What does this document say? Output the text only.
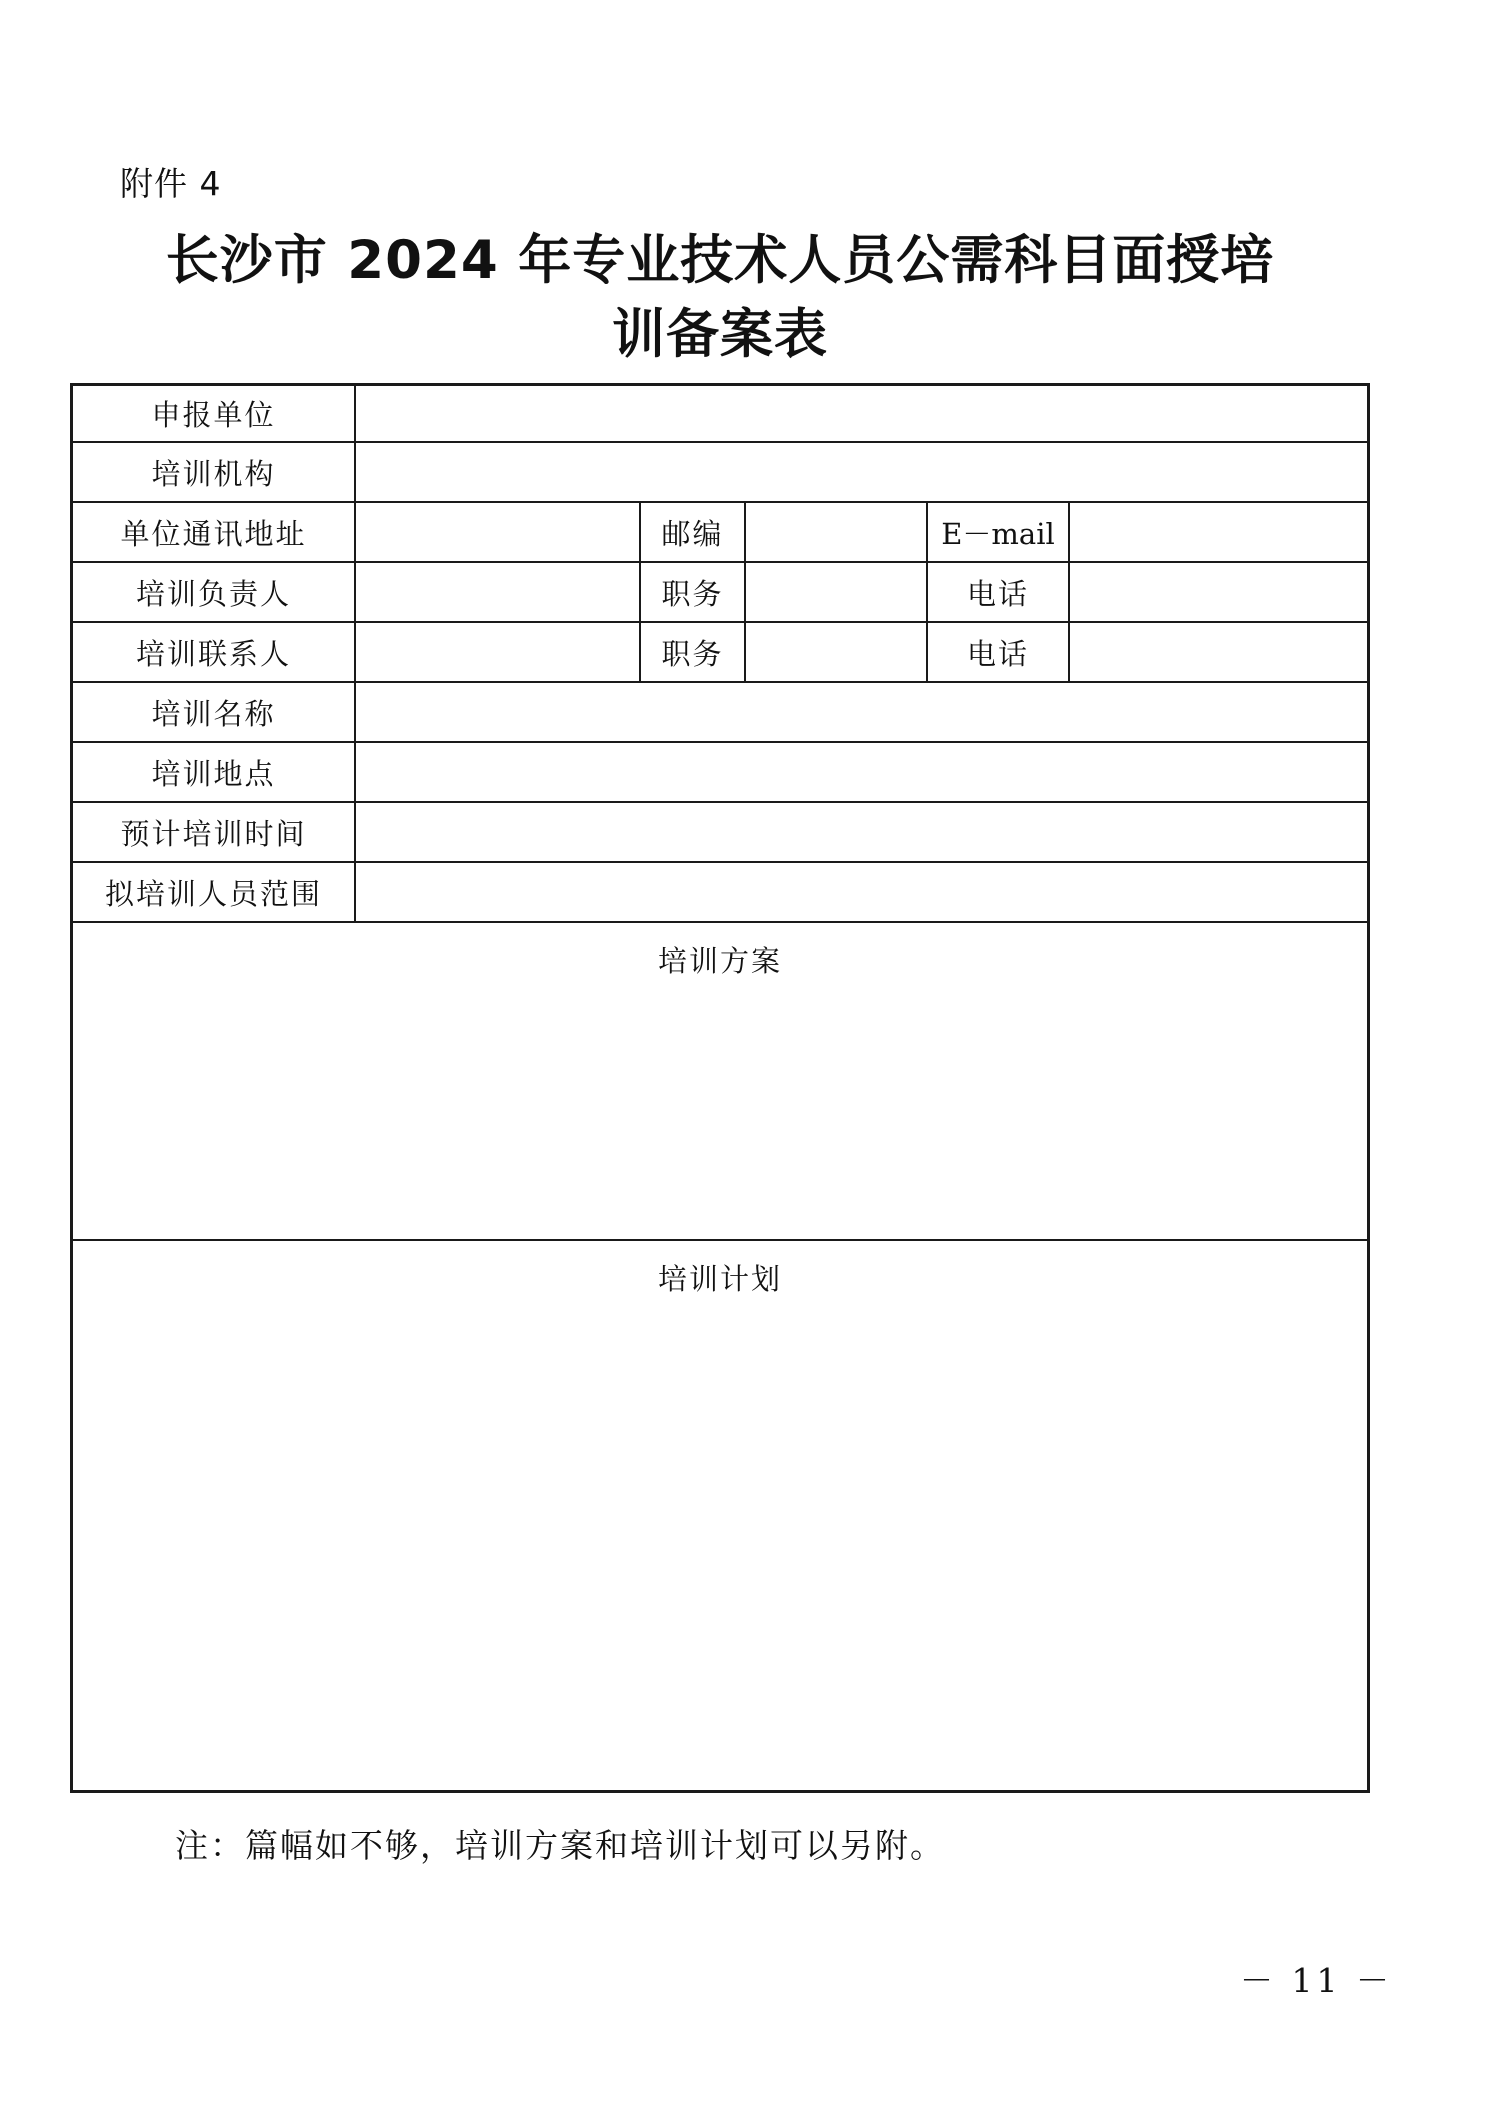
附件 4
长沙市 2024 年专业技术人员公需科目面授培
训备案表
申报单位
培训机构
单位通讯地址	邮编	E－mail
培训负责人	职务	电话
培训联系人	职务	电话
培训名称
培训地点
预计培训时间
拟培训人员范围
培训方案
培训计划
注：篇幅如不够，培训方案和培训计划可以另附。
－ 11 －
